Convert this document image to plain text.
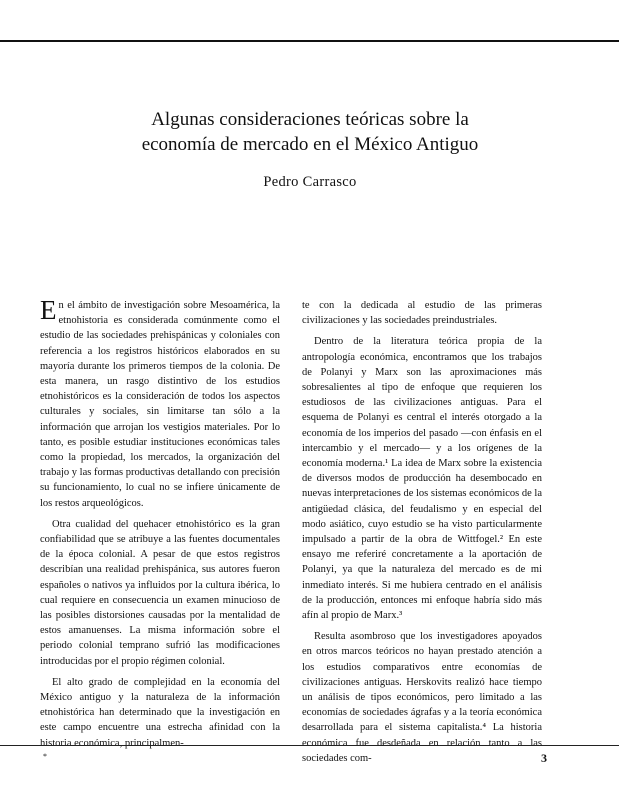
Algunas consideraciones teóricas sobre la
economía de mercado en el México Antiguo
Pedro Carrasco

En el ámbito de investigación sobre Mesoamérica, la etnohistoria es considerada comúnmente como el estudio de las sociedades prehispánicas y coloniales con referencia a los registros históricos elaborados en su mayoría durante los primeros tiempos de la colonia. De esta manera, un rasgo distintivo de los estudios etnohistóricos es la consideración de todos los aspectos culturales y sociales, sin limitarse tan sólo a la información que arrojan los vestigios materiales. Por lo tanto, es posible estudiar instituciones económicas tales como la propiedad, los mercados, la organización del trabajo y las formas productivas detallando con precisión su funcionamiento, lo cual no se infiere únicamente de los restos arqueológicos.

Otra cualidad del quehacer etnohistórico es la gran confiabilidad que se atribuye a las fuentes documentales de la época colonial. A pesar de que estos registros describían una realidad prehispánica, sus autores fueron españoles o nativos ya influidos por la cultura ibérica, lo cual requiere en consecuencia un examen minucioso de las posibles distorsiones causadas por la mentalidad de estos amanuenses. La misma información sobre el periodo colonial temprano sufrió las modificaciones introducidas por el propio régimen colonial.

El alto grado de complejidad en la economía del México antiguo y la naturaleza de la información etnohistórica han determinado que la investigación en este campo encuentre una estrecha afinidad con la historia económica, principalmen-

te con la dedicada al estudio de las primeras civilizaciones y las sociedades preindustriales.

Dentro de la literatura teórica propia de la antropología económica, encontramos que los trabajos de Polanyi y Marx son las aproximaciones más sobresalientes al tipo de enfoque que requieren los estudiosos de las civilizaciones antiguas. Para el esquema de Polanyi es central el interés otorgado a la economía de los imperios del pasado —con énfasis en el intercambio y el mercado— y a los orígenes de la economía moderna.¹ La idea de Marx sobre la existencia de diversos modos de producción ha desembocado en nuevas interpretaciones de los sistemas económicos de la antigüedad clásica, del feudalismo y en especial del modo asiático, cuyo estudio se ha visto particularmente impulsado a partir de la obra de Wittfogel.² En este ensayo me referiré concretamente a la aportación de Polanyi, ya que la naturaleza del mercado es de mi inmediato interés. Si me hubiera centrado en el análisis de la producción, entonces mi enfoque habría sido más afín al propio de Marx.³

Resulta asombroso que los investigadores apoyados en otros marcos teóricos no hayan prestado atención a los estudios comparativos entre economías de civilizaciones antiguas. Herskovits realizó hace tiempo un análisis de tipos económicos, pero limitado a las economías de sociedades ágrafas y a la teoría económica desarrollada para el sistema capitalista.⁴ La historia económica fue desdeñada en relación tanto a las sociedades com-

*	3
